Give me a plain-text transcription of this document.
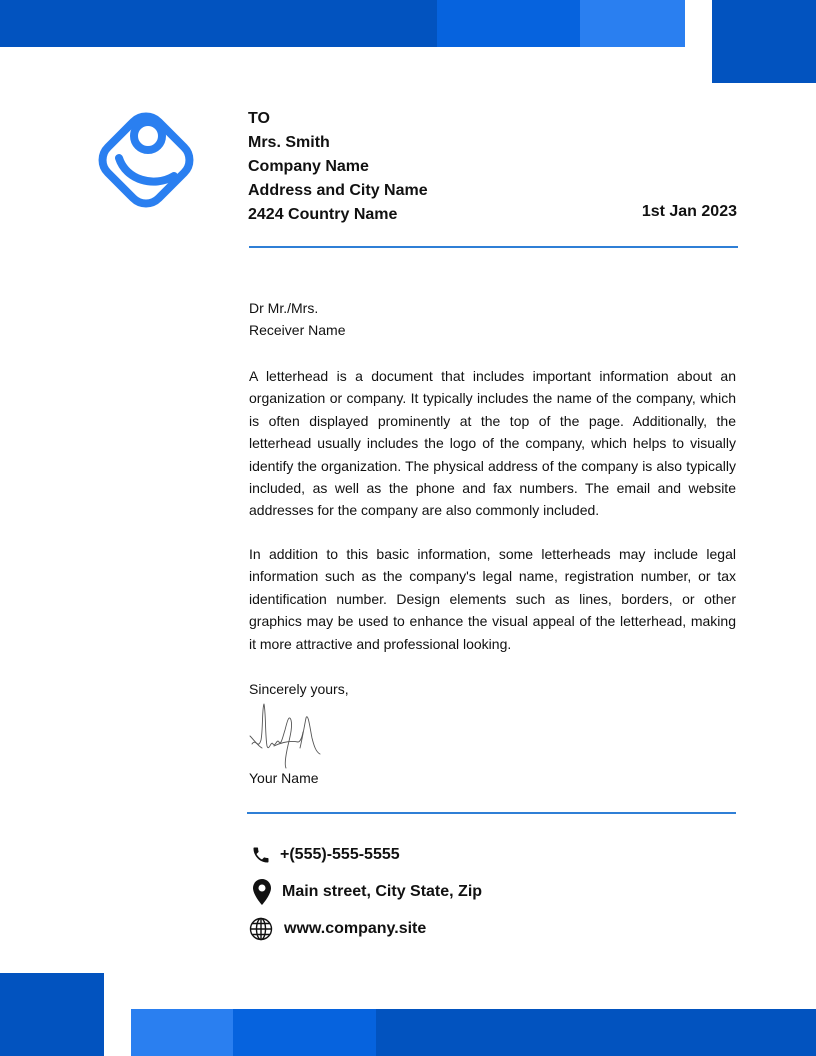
TO
Mrs. Smith
Company Name
Address and City Name
2424 Country Name	1st Jan 2023
Dr Mr./Mrs.
Receiver Name

A letterhead is a document that includes important information about an organization or company. It typically includes the name of the company, which is often displayed prominently at the top of the page. Additionally, the letterhead usually includes the logo of the company, which helps to visually identify the organization. The physical address of the company is also typically included, as well as the phone and fax numbers. The email and website addresses for the company are also commonly included.

In addition to this basic information, some letterheads may include legal information such as the company's legal name, registration number, or tax identification number. Design elements such as lines, borders, or other graphics may be used to enhance the visual appeal of the letterhead, making it more attractive and professional looking.

Sincerely yours,
Your Name
+(555)-555-5555
Main street, City State, Zip
www.company.site
